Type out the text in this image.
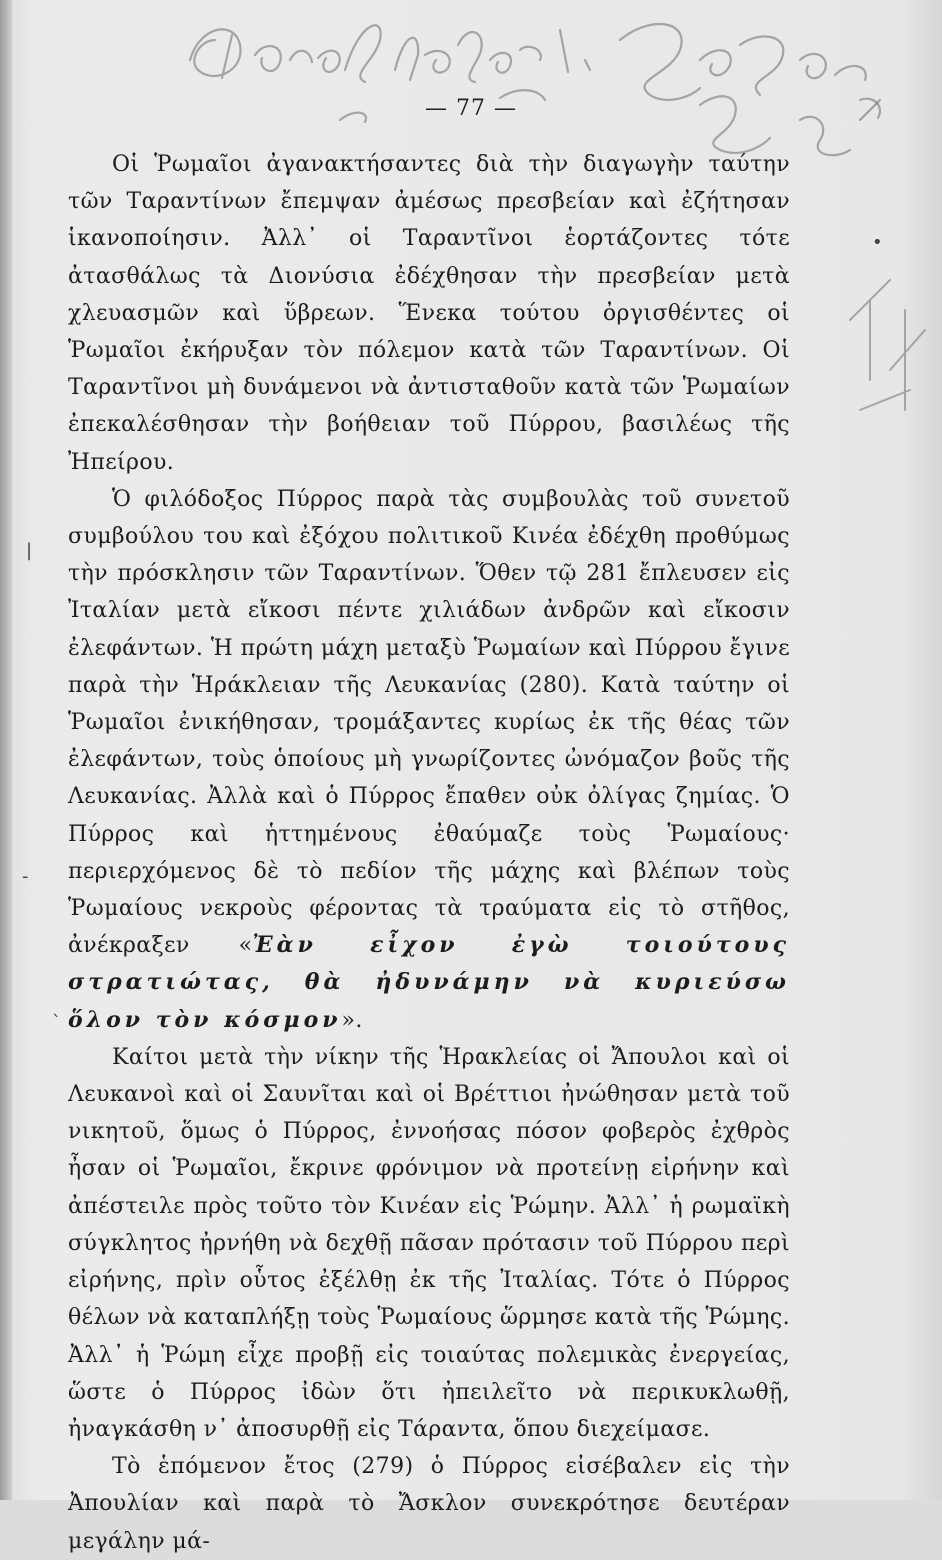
•
|
-
`
— 77 —

Οἱ Ῥωμαῖοι ἀγανακτήσαντες διὰ τὴν διαγωγὴν ταύτην τῶν Ταραντίνων ἔπεμψαν ἀμέσως πρεσβείαν καὶ ἐζήτησαν ἱκανοποίησιν. Ἀλλ᾽ οἱ Ταραντῖνοι ἑορτάζοντες τότε ἀτασθάλως τὰ Διονύσια ἐδέχθησαν τὴν πρεσβείαν μετὰ χλευασμῶν καὶ ὕβρεων. Ἕνεκα τούτου ὀργισθέντες οἱ Ῥωμαῖοι ἐκήρυξαν τὸν πόλεμον κατὰ τῶν Ταραντίνων. Οἱ Ταραντῖνοι μὴ δυνάμενοι νὰ ἀντισταθοῦν κατὰ τῶν Ῥωμαίων ἐπεκαλέσθησαν τὴν βοήθειαν τοῦ Πύρρου, βασιλέως τῆς Ἠπείρου.

Ὁ φιλόδοξος Πύρρος παρὰ τὰς συμβουλὰς τοῦ συνετοῦ συμβούλου του καὶ ἐξόχου πολιτικοῦ Κινέα ἐδέχθη προθύμως τὴν πρόσκλησιν τῶν Ταραντίνων. Ὅθεν τῷ 281 ἔπλευσεν εἰς Ἰταλίαν μετὰ εἴκοσι πέντε χιλιάδων ἀνδρῶν καὶ εἴκοσιν ἐλεφάντων. Ἡ πρώτη μάχη μεταξὺ Ῥωμαίων καὶ Πύρρου ἔγινε παρὰ τὴν Ἡράκλειαν τῆς Λευκανίας (280). Κατὰ ταύτην οἱ Ῥωμαῖοι ἐνικήθησαν, τρομάξαντες κυρίως ἐκ τῆς θέας τῶν ἐλεφάντων, τοὺς ὁποίους μὴ γνωρίζοντες ὠνόμαζον βοῦς τῆς Λευκανίας. Ἀλλὰ καὶ ὁ Πύρρος ἔπαθεν οὐκ ὀλίγας ζημίας. Ὁ Πύρρος καὶ ἡττημένους ἐθαύμαζε τοὺς Ῥωμαίους· περιερχόμενος δὲ τὸ πεδίον τῆς μάχης καὶ βλέπων τοὺς Ῥωμαίους νεκροὺς φέροντας τὰ τραύματα εἰς τὸ στῆθος, ἀνέκραξεν «Ἐὰν εἶχον ἐγὼ τοιούτους στρατιώτας, θὰ ἠδυνάμην νὰ κυριεύσω ὅλον τὸν κόσμον».

Καίτοι μετὰ τὴν νίκην τῆς Ἡρακλείας οἱ Ἄπουλοι καὶ οἱ Λευκανοὶ καὶ οἱ Σαυνῖται καὶ οἱ Βρέττιοι ἠνώθησαν μετὰ τοῦ νικητοῦ, ὅμως ὁ Πύρρος, ἐννοήσας πόσον φοβερὸς ἐχθρὸς ἦσαν οἱ Ῥωμαῖοι, ἔκρινε φρόνιμον νὰ προτείνῃ εἰρήνην καὶ ἀπέστειλε πρὸς τοῦτο τὸν Κινέαν εἰς Ῥώμην. Ἀλλ᾽ ἡ ρωμαϊκὴ σύγκλητος ἠρνήθη νὰ δεχθῇ πᾶσαν πρότασιν τοῦ Πύρρου περὶ εἰρήνης, πρὶν οὗτος ἐξέλθῃ ἐκ τῆς Ἰταλίας. Τότε ὁ Πύρρος θέλων νὰ καταπλήξῃ τοὺς Ῥωμαίους ὥρμησε κατὰ τῆς Ῥώμης. Ἀλλ᾽ ἡ Ῥώμη εἶχε προβῇ εἰς τοιαύτας πολεμικὰς ἐνεργείας, ὥστε ὁ Πύρρος ἰδὼν ὅτι ἠπειλεῖτο νὰ περικυκλωθῇ, ἠναγκάσθη ν᾽ ἀποσυρθῇ εἰς Τάραντα, ὅπου διεχείμασε.

Τὸ ἑπόμενον ἔτος (279) ὁ Πύρρος εἰσέβαλεν εἰς τὴν Ἀπουλίαν καὶ παρὰ τὸ Ἄσκλον συνεκρότησε δευτέραν μεγάλην μά-
